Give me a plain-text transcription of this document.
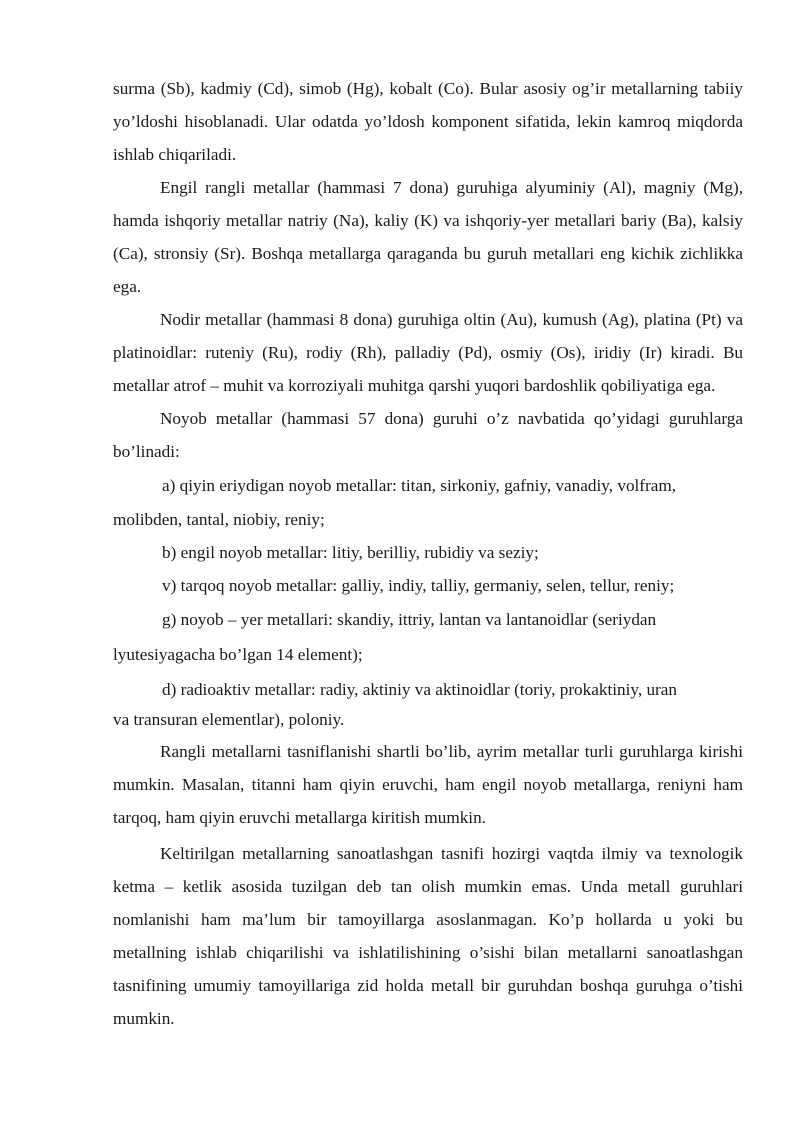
surma (Sb), kadmiy (Cd), simob (Hg), kobalt (Co). Bular asosiy og’ir metallarning tabiiy yo’ldoshi hisoblanadi. Ular odatda yo’ldosh komponent sifatida, lekin kamroq miqdorda ishlab chiqariladi.

Engil rangli metallar (hammasi 7 dona) guruhiga alyuminiy (Al), magniy (Mg), hamda ishqoriy metallar natriy (Na), kaliy (K) va ishqoriy-yer metallari bariy (Ba), kalsiy (Ca), stronsiy (Sr). Boshqa metallarga qaraganda bu guruh metallari eng kichik zichlikka ega.

Nodir metallar (hammasi 8 dona) guruhiga oltin (Au), kumush (Ag), platina (Pt) va platinoidlar: ruteniy (Ru), rodiy (Rh), palladiy (Pd), osmiy (Os), iridiy (Ir) kiradi. Bu metallar atrof – muhit va korroziyali muhitga qarshi yuqori bardoshlik qobiliyatiga ega.

Noyob metallar (hammasi 57 dona) guruhi o’z navbatida qo’yidagi guruhlarga bo’linadi:

a) qiyin eriydigan noyob metallar: titan, sirkoniy, gafniy, vanadiy, volfram,

molibden, tantal, niobiy, reniy;

b) engil noyob metallar: litiy, berilliy, rubidiy va seziy;

v) tarqoq noyob metallar: galliy, indiy, talliy, germaniy, selen, tellur, reniy;

g) noyob – yer metallari: skandiy, ittriy, lantan va lantanoidlar (seriydan

lyutesiyagacha bo’lgan 14 element);

d) radioaktiv metallar: radiy, aktiniy va aktinoidlar (toriy, prokaktiniy, uran

va transuran elementlar), poloniy.

Rangli metallarni tasniflanishi shartli bo’lib, ayrim metallar turli guruhlarga kirishi mumkin. Masalan, titanni ham qiyin eruvchi, ham engil noyob metallarga, reniyni ham tarqoq, ham qiyin eruvchi metallarga kiritish mumkin.

Keltirilgan metallarning sanoatlashgan tasnifi hozirgi vaqtda ilmiy va texnologik ketma – ketlik asosida tuzilgan deb tan olish mumkin emas. Unda metall guruhlari nomlanishi ham ma’lum bir tamoyillarga asoslanmagan. Ko’p hollarda u yoki bu metallning ishlab chiqarilishi va ishlatilishining o’sishi bilan metallarni sanoatlashgan tasnifining umumiy tamoyillariga zid holda metall bir guruhdan boshqa guruhga o’tishi mumkin.
